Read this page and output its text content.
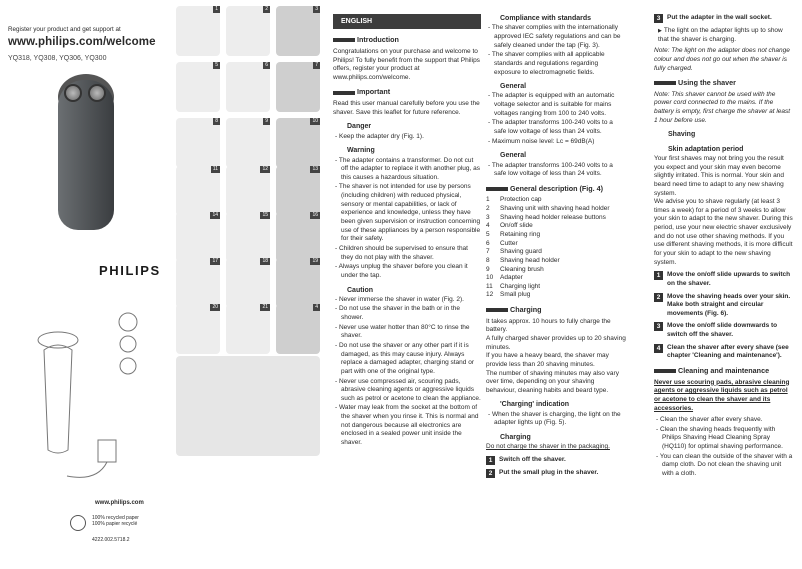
Register your product and get support at
www.philips.com/welcome
YQ318, YQ308, YQ306, YQ300
PHILIPS
www.philips.com
100% recycled paper
100% papier recyclé
4222.002.5718.2
1	2	3
5	6	7
8	9	10
11	12	13
14	15	16
17	18	19
20	21	4
ENGLISH
Introduction
Congratulations on your purchase and welcome to Philips! To fully benefit from the support that Philips offers, register your product at www.philips.com/welcome.
Important
Read this user manual carefully before you use the shaver. Save this leaflet for future reference.
Danger
- Keep the adapter dry (Fig. 1).
Warning
- The adapter contains a transformer. Do not cut off the adapter to replace it with another plug, as this causes a hazardous situation.
- The shaver is not intended for use by persons (including children) with reduced physical, sensory or mental capabilities, or lack of experience and knowledge, unless they have been given supervision or instruction concerning use of these appliances by a person responsible for their safety.
- Children should be supervised to ensure that they do not play with the shaver.
- Always unplug the shaver before you clean it under the tap.
Caution
- Never immerse the shaver in water (Fig. 2).
- Do not use the shaver in the bath or in the shower.
- Never use water hotter than 80°C to rinse the shaver.
- Do not use the shaver or any other part if it is damaged, as this may cause injury. Always replace a damaged adapter, charging stand or part with one of the original type.
- Never use compressed air, scouring pads, abrasive cleaning agents or aggressive liquids such as petrol or acetone to clean the appliance.
- Water may leak from the socket at the bottom of the shaver when you rinse it. This is normal and not dangerous because all electronics are enclosed in a sealed power unit inside the shaver.
Compliance with standards
- The shaver complies with the internationally approved IEC safety regulations and can be safely cleaned under the tap (Fig. 3).
- The shaver complies with all applicable standards and regulations regarding exposure to electromagnetic fields.
General
- The adapter is equipped with an automatic voltage selector and is suitable for mains voltages ranging from 100 to 240 volts.
- The adapter transforms 100-240 volts to a safe low voltage of less than 24 volts.
- Maximum noise level: Lc = 69dB(A)
General
- The adapter transforms 100-240 volts to a safe low voltage of less than 24 volts.
General description (Fig. 4)
1	Protection cap
2	Shaving unit with shaving head holder
3	Shaving head holder release buttons
4	On/off slide
5	Retaining ring
6	Cutter
7	Shaving guard
8	Shaving head holder
9	Cleaning brush
10	Adapter
11	Charging light
12	Small plug
Charging
It takes approx. 10 hours to fully charge the battery.
A fully charged shaver provides up to 20 shaving minutes.
If you have a heavy beard, the shaver may provide less than 20 shaving minutes.
The number of shaving minutes may also vary over time, depending on your shaving behaviour, cleaning habits and beard type.
'Charging' indication
- When the shaver is charging, the light on the adapter lights up (Fig. 5).
Charging
Do not charge the shaver in the packaging.
1	Switch off the shaver.
2	Put the small plug in the shaver.
3	Put the adapter in the wall socket.
▶ The light on the adapter lights up to show that the shaver is charging.
Note: The light on the adapter does not change colour and does not go out when the shaver is fully charged.
Using the shaver
Note: This shaver cannot be used with the power cord connected to the mains. If the battery is empty, first charge the shaver at least 1 hour before use.
Shaving
Skin adaptation period
Your first shaves may not bring you the result you expect and your skin may even become slightly irritated. This is normal. Your skin and beard need time to adapt to any new shaving system.
We advise you to shave regularly (at least 3 times a week) for a period of 3 weeks to allow your skin to adapt to the new shaver. During this period, use your new electric shaver exclusively and do not use other shaving methods. If you use different shaving methods, it is more difficult for your skin to adapt to the new shaving system.
1	Move the on/off slide upwards to switch on the shaver.
2	Move the shaving heads over your skin. Make both straight and circular movements (Fig. 6).
3	Move the on/off slide downwards to switch off the shaver.
4	Clean the shaver after every shave (see chapter 'Cleaning and maintenance').
Cleaning and maintenance
Never use scouring pads, abrasive cleaning agents or aggressive liquids such as petrol or acetone to clean the shaver and its accessories.
- Clean the shaver after every shave.
- Clean the shaving heads frequently with Philips Shaving Head Cleaning Spray (HQ110) for optimal shaving performance.
- You can clean the outside of the shaver with a damp cloth. Do not clean the shaving unit with a cloth.
